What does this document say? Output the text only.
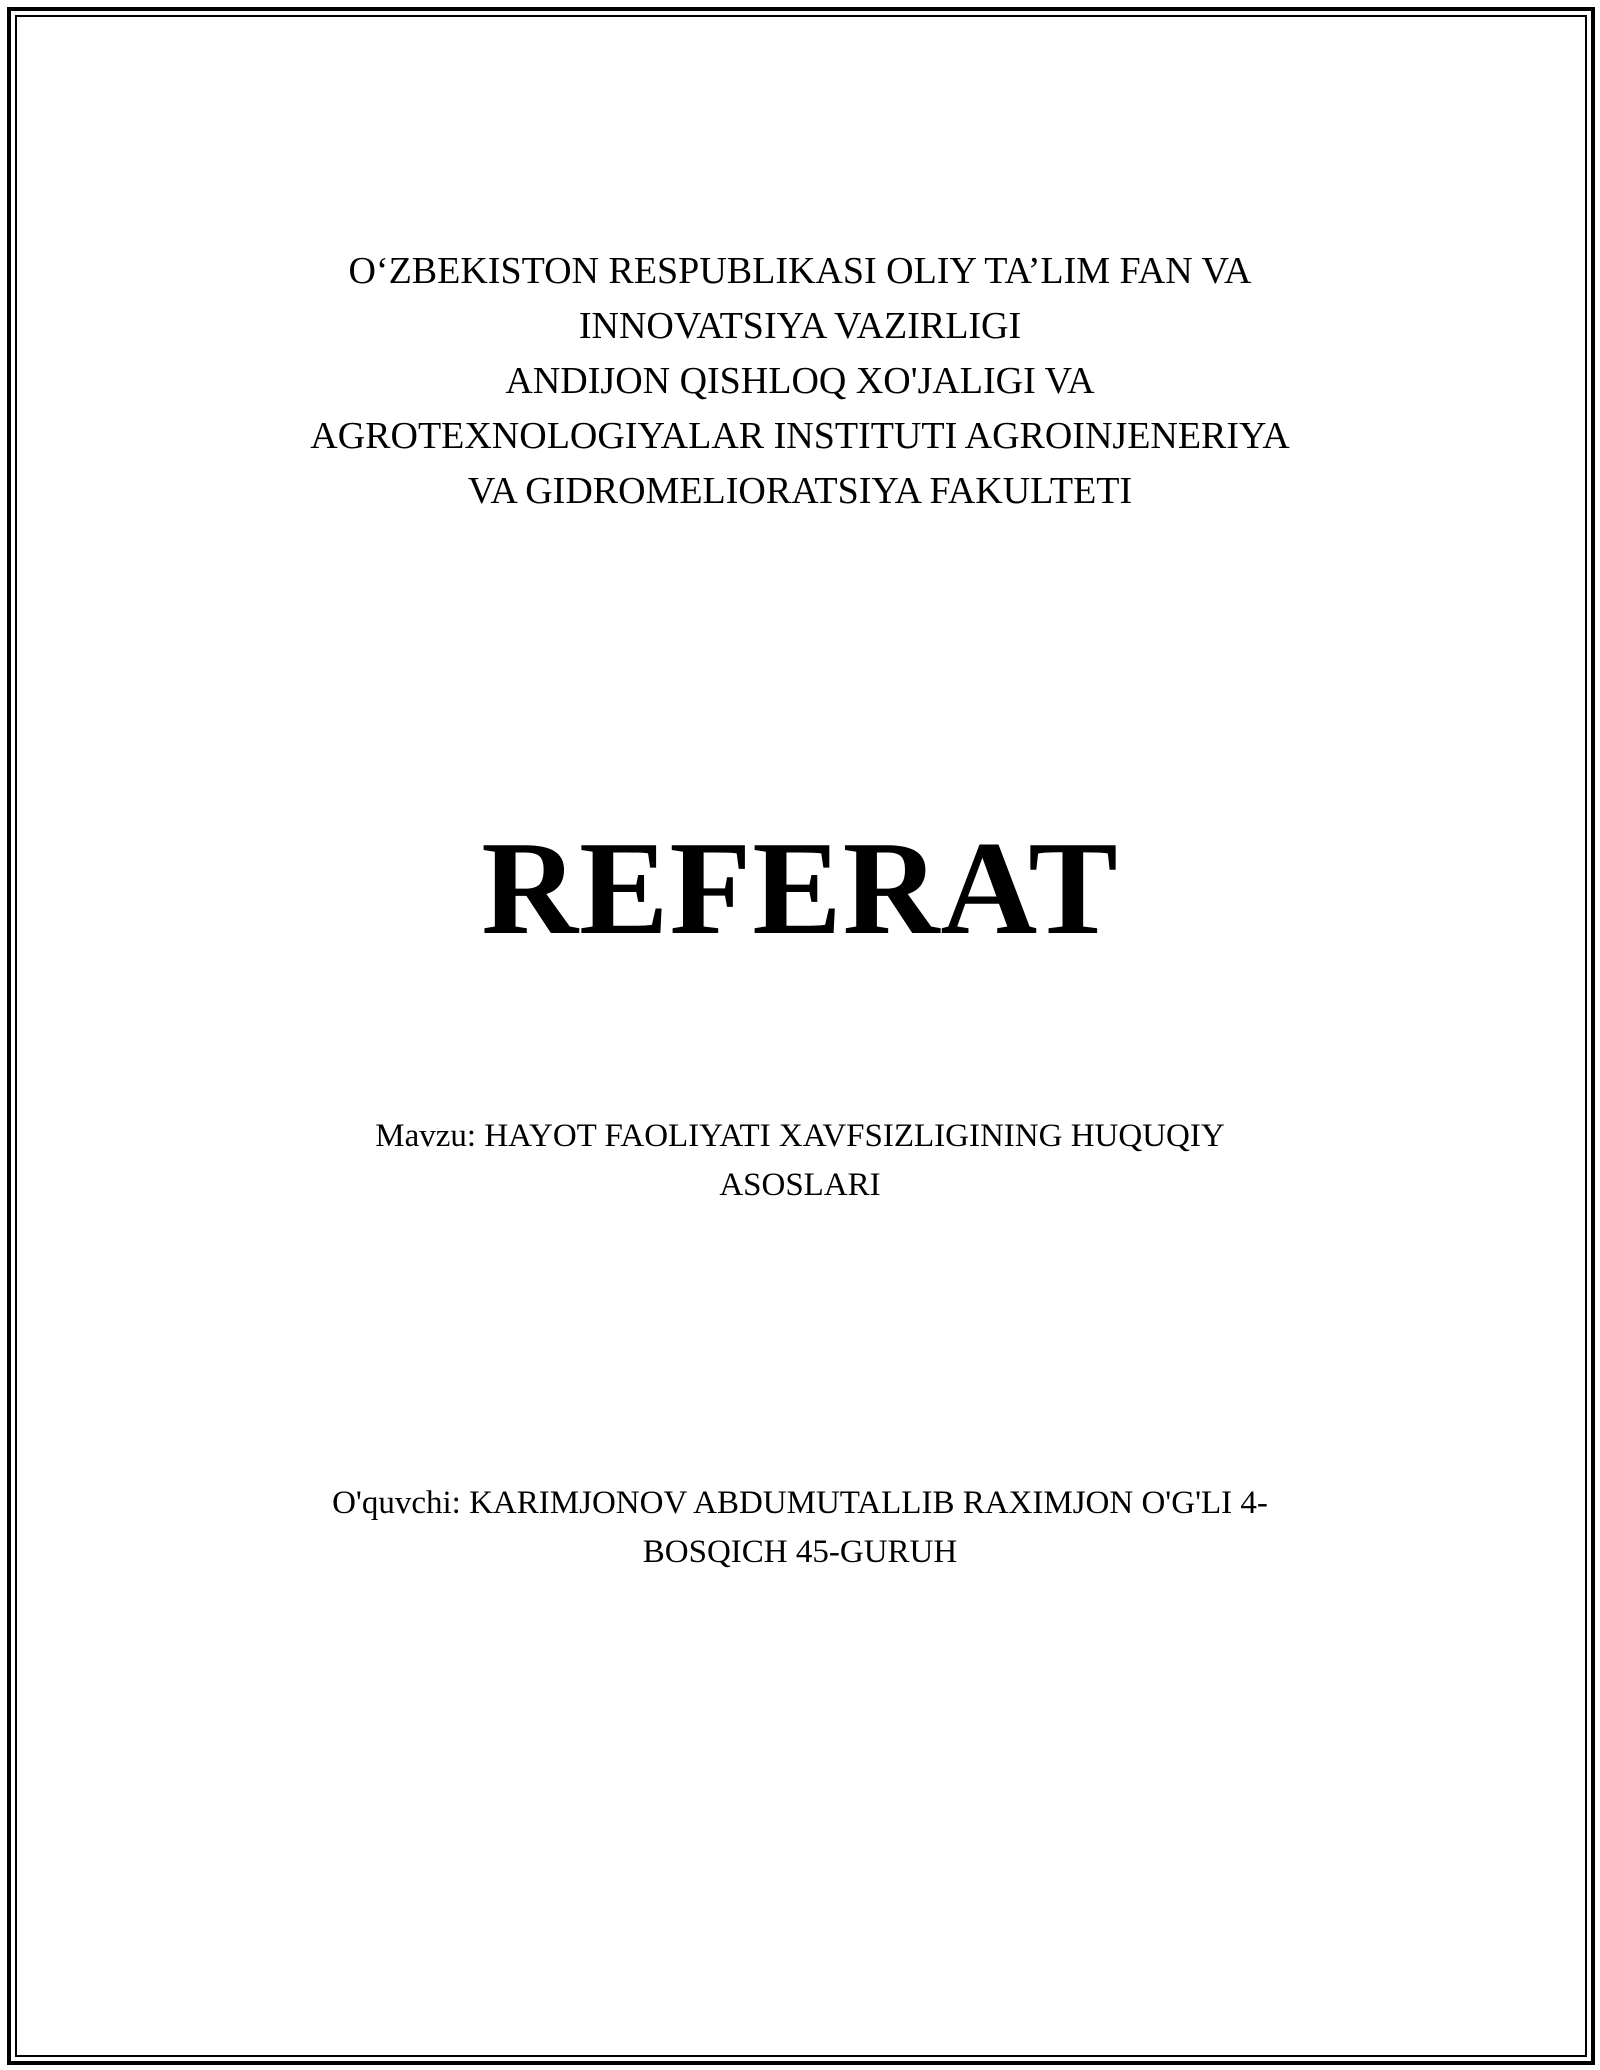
O‘ZBEKISTON RESPUBLIKASI OLIY TA’LIM FAN VA
INNOVATSIYA VAZIRLIGI
ANDIJON QISHLOQ XO'JALIGI VA
AGROTEXNOLOGIYALAR INSTITUTI AGROINJENERIYA
VA GIDROMELIORATSIYA FAKULTETI
REFERAT
Mavzu: HAYOT FAOLIYATI XAVFSIZLIGINING HUQUQIY
ASOSLARI
O'quvchi: KARIMJONOV ABDUMUTALLIB RAXIMJON O'G'LI 4-
BOSQICH 45-GURUH
